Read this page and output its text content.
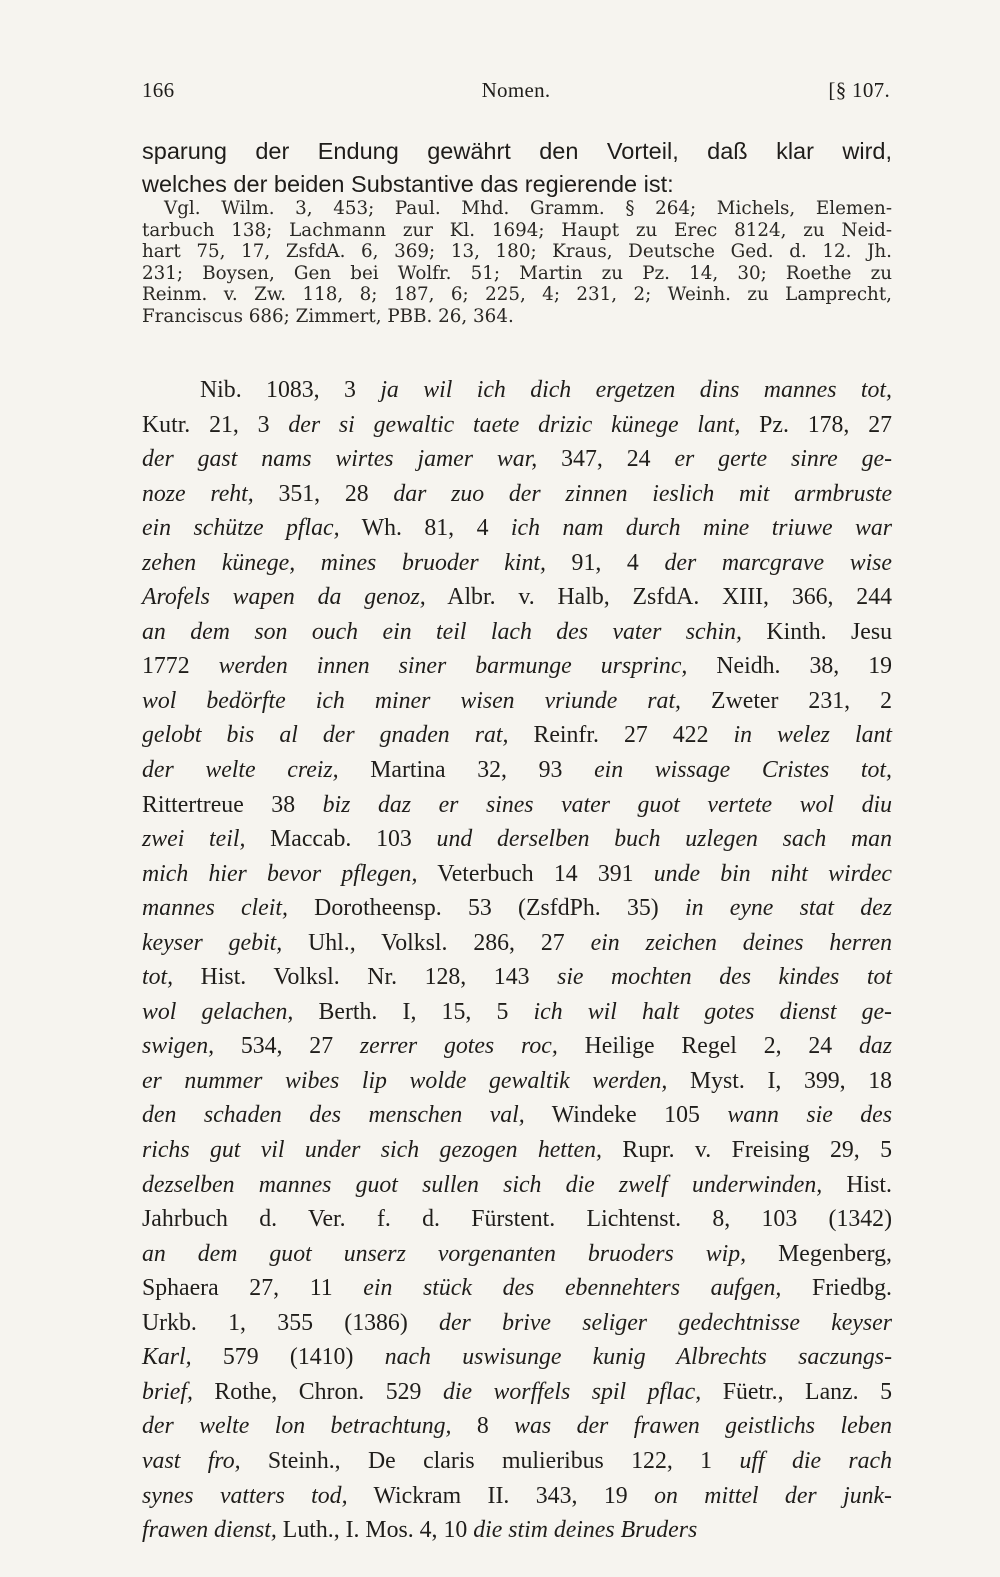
166	Nomen.	[§ 107.
sparung der Endung gewährt den Vorteil, daß klar wird,
welches der beiden Substantive das regierende ist:
Vgl. Wilm. 3, 453; Paul. Mhd. Gramm. § 264; Michels, Elemen-
tarbuch 138; Lachmann zur Kl. 1694; Haupt zu Erec 8124, zu Neid-
hart 75, 17, ZsfdA. 6, 369; 13, 180; Kraus, Deutsche Ged. d. 12. Jh.
231; Boysen, Gen bei Wolfr. 51; Martin zu Pz. 14, 30; Roethe zu
Reinm. v. Zw. 118, 8; 187, 6; 225, 4; 231, 2; Weinh. zu Lamprecht,
Franciscus 686; Zimmert, PBB. 26, 364.
Nib. 1083, 3 ja wil ich dich ergetzen dins mannes tot,
Kutr. 21, 3 der si gewaltic taete drizic künege lant, Pz. 178, 27
der gast nams wirtes jamer war, 347, 24 er gerte sinre ge-
noze reht, 351, 28 dar zuo der zinnen ieslich mit armbruste
ein schütze pflac, Wh. 81, 4 ich nam durch mine triuwe war
zehen künege, mines bruoder kint, 91, 4 der marcgrave wise
Arofels wapen da genoz, Albr. v. Halb, ZsfdA. XIII, 366, 244
an dem son ouch ein teil lach des vater schin, Kinth. Jesu
1772 werden innen siner barmunge ursprinc, Neidh. 38, 19
wol bedörfte ich miner wisen vriunde rat, Zweter 231, 2
gelobt bis al der gnaden rat, Reinfr. 27 422 in welez lant
der welte creiz, Martina 32, 93 ein wissage Cristes tot,
Rittertreue 38 biz daz er sines vater guot vertete wol diu
zwei teil, Maccab. 103 und derselben buch uzlegen sach man
mich hier bevor pflegen, Veterbuch 14 391 unde bin niht wirdec
mannes cleit, Dorotheensp. 53 (ZsfdPh. 35) in eyne stat dez
keyser gebit, Uhl., Volksl. 286, 27 ein zeichen deines herren
tot, Hist. Volksl. Nr. 128, 143 sie mochten des kindes tot
wol gelachen, Berth. I, 15, 5 ich wil halt gotes dienst ge-
swigen, 534, 27 zerrer gotes roc, Heilige Regel 2, 24 daz
er nummer wibes lip wolde gewaltik werden, Myst. I, 399, 18
den schaden des menschen val, Windeke 105 wann sie des
richs gut vil under sich gezogen hetten, Rupr. v. Freising 29, 5
dezselben mannes guot sullen sich die zwelf underwinden, Hist.
Jahrbuch d. Ver. f. d. Fürstent. Lichtenst. 8, 103 (1342)
an dem guot unserz vorgenanten bruoders wip, Megenberg,
Sphaera 27, 11 ein stück des ebennehters aufgen, Friedbg.
Urkb. 1, 355 (1386) der brive seliger gedechtnisse keyser
Karl, 579 (1410) nach uswisunge kunig Albrechts saczungs-
brief, Rothe, Chron. 529 die worffels spil pflac, Füetr., Lanz. 5
der welte lon betrachtung, 8 was der frawen geistlichs leben
vast fro, Steinh., De claris mulieribus 122, 1 uff die rach
synes vatters tod, Wickram II. 343, 19 on mittel der junk-
frawen dienst, Luth., I. Mos. 4, 10 die stim deines Bruders
